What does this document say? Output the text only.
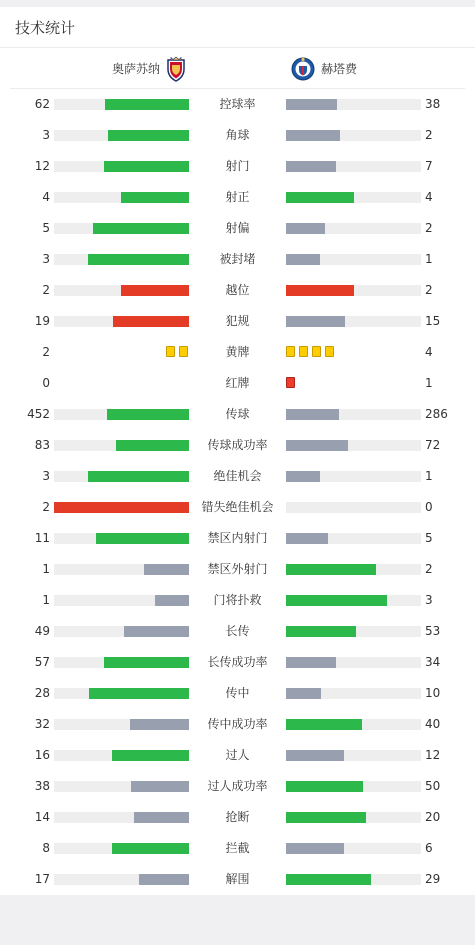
技术统计
奥萨苏纳	赫塔费
62	控球率	38
3	角球	2
12	射门	7
4	射正	4
5	射偏	2
3	被封堵	1
2	越位	2
19	犯规	15
2	黄牌	4
0	红牌	1
452	传球	286
83	传球成功率	72
3	绝佳机会	1
2	错失绝佳机会	0
11	禁区内射门	5
1	禁区外射门	2
1	门将扑救	3
49	长传	53
57	长传成功率	34
28	传中	10
32	传中成功率	40
16	过人	12
38	过人成功率	50
14	抢断	20
8	拦截	6
17	解围	29
